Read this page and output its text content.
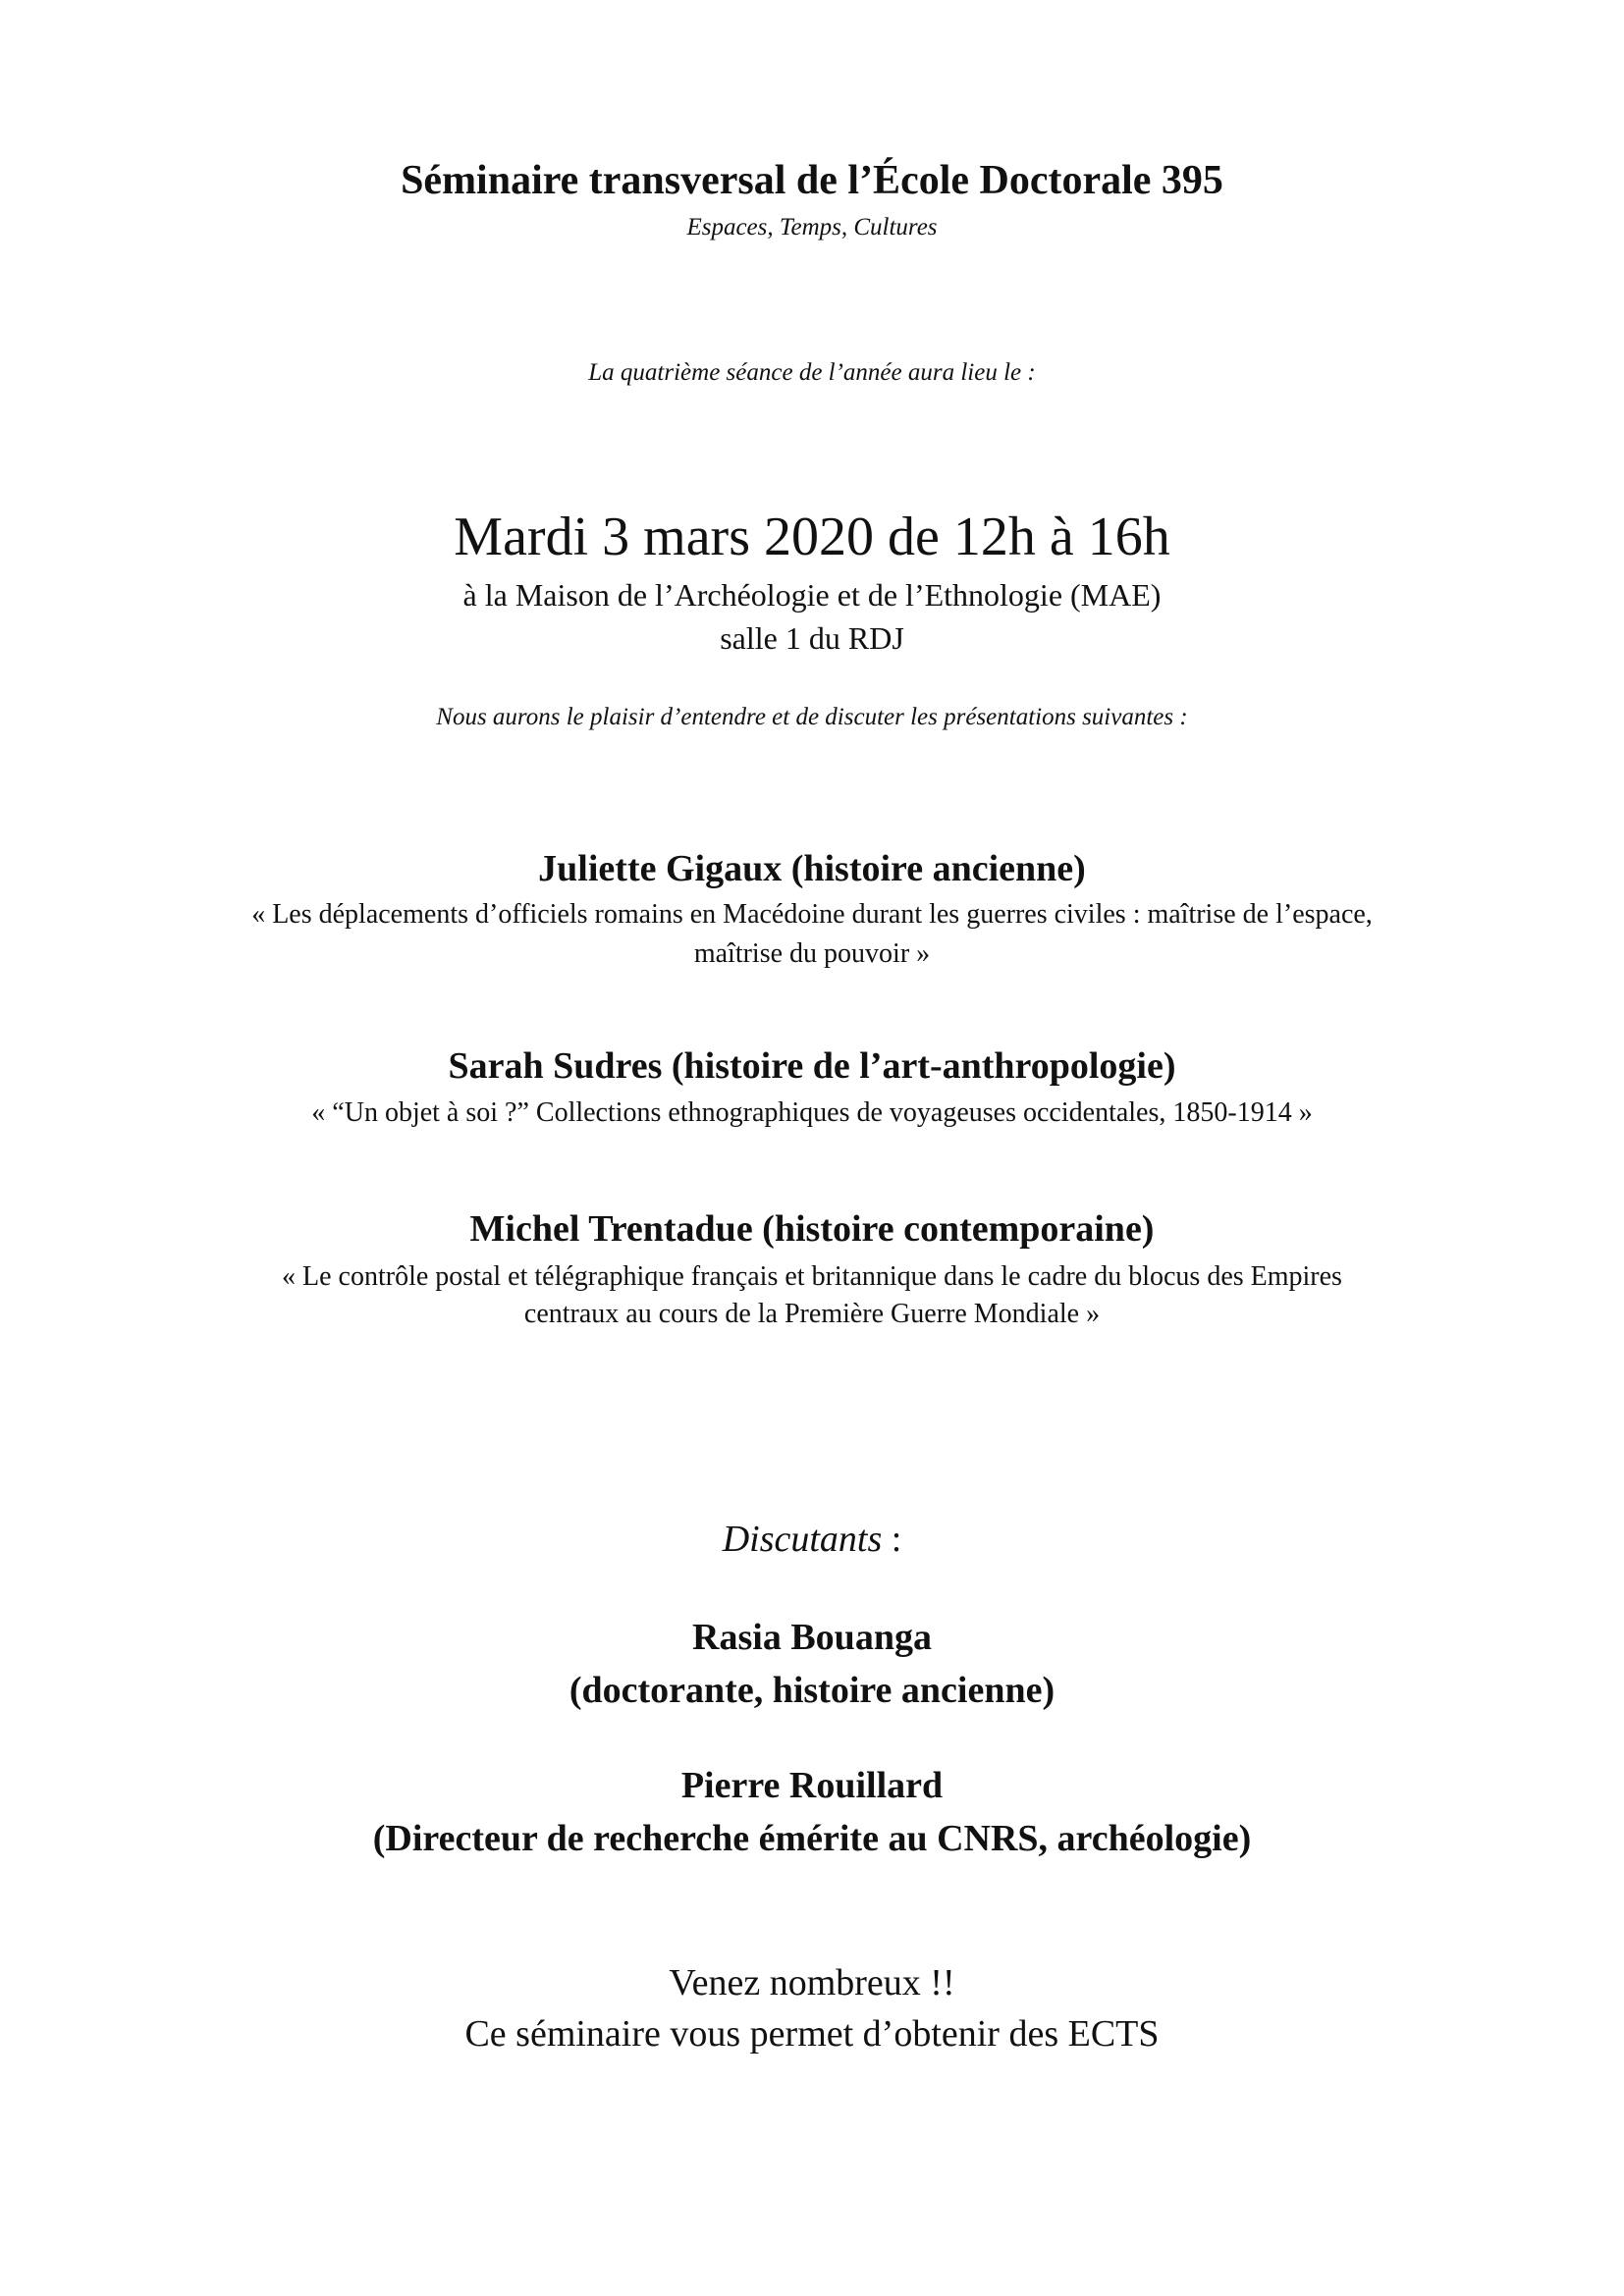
Séminaire transversal de l’École Doctorale 395
Espaces, Temps, Cultures
La quatrième séance de l’année aura lieu le :
Mardi 3 mars 2020 de 12h à 16h
à la Maison de l’Archéologie et de l’Ethnologie (MAE)
salle 1 du RDJ
Nous aurons le plaisir d’entendre et de discuter les présentations suivantes :
Juliette Gigaux (histoire ancienne)
« Les déplacements d’officiels romains en Macédoine durant les guerres civiles : maîtrise de l’espace,
maîtrise du pouvoir »
Sarah Sudres (histoire de l’art-anthropologie)
« “Un objet à soi ?” Collections ethnographiques de voyageuses occidentales, 1850-1914 »
Michel Trentadue (histoire contemporaine)
« Le contrôle postal et télégraphique français et britannique dans le cadre du blocus des Empires
centraux au cours de la Première Guerre Mondiale »
Discutants :
Rasia Bouanga
(doctorante, histoire ancienne)
Pierre Rouillard
(Directeur de recherche émérite au CNRS, archéologie)
Venez nombreux !!
Ce séminaire vous permet d’obtenir des ECTS
